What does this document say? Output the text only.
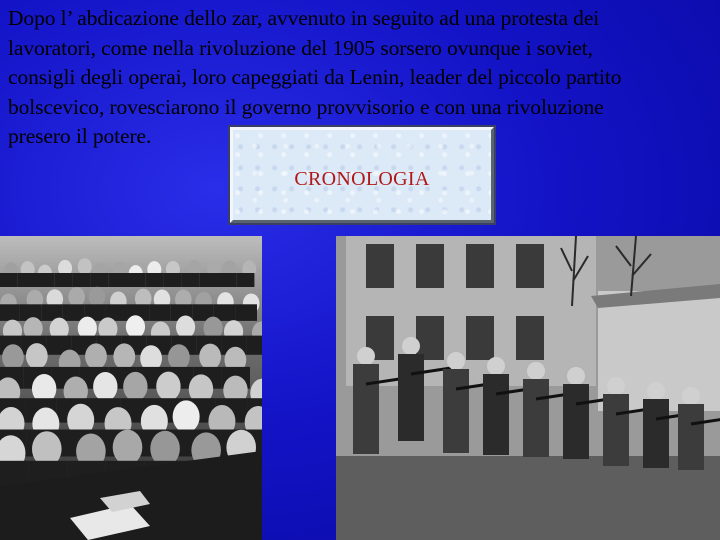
Dopo l’ abdicazione dello zar, avvenuto in seguito ad una protesta dei
lavoratori, come nella rivoluzione del 1905 sorsero ovunque i soviet,
consigli degli operai, loro capeggiati da Lenin, leader del piccolo partito
bolscevico, rovesciarono il governo provvisorio e con una rivoluzione
presero il potere.

CRONOLOGIA
